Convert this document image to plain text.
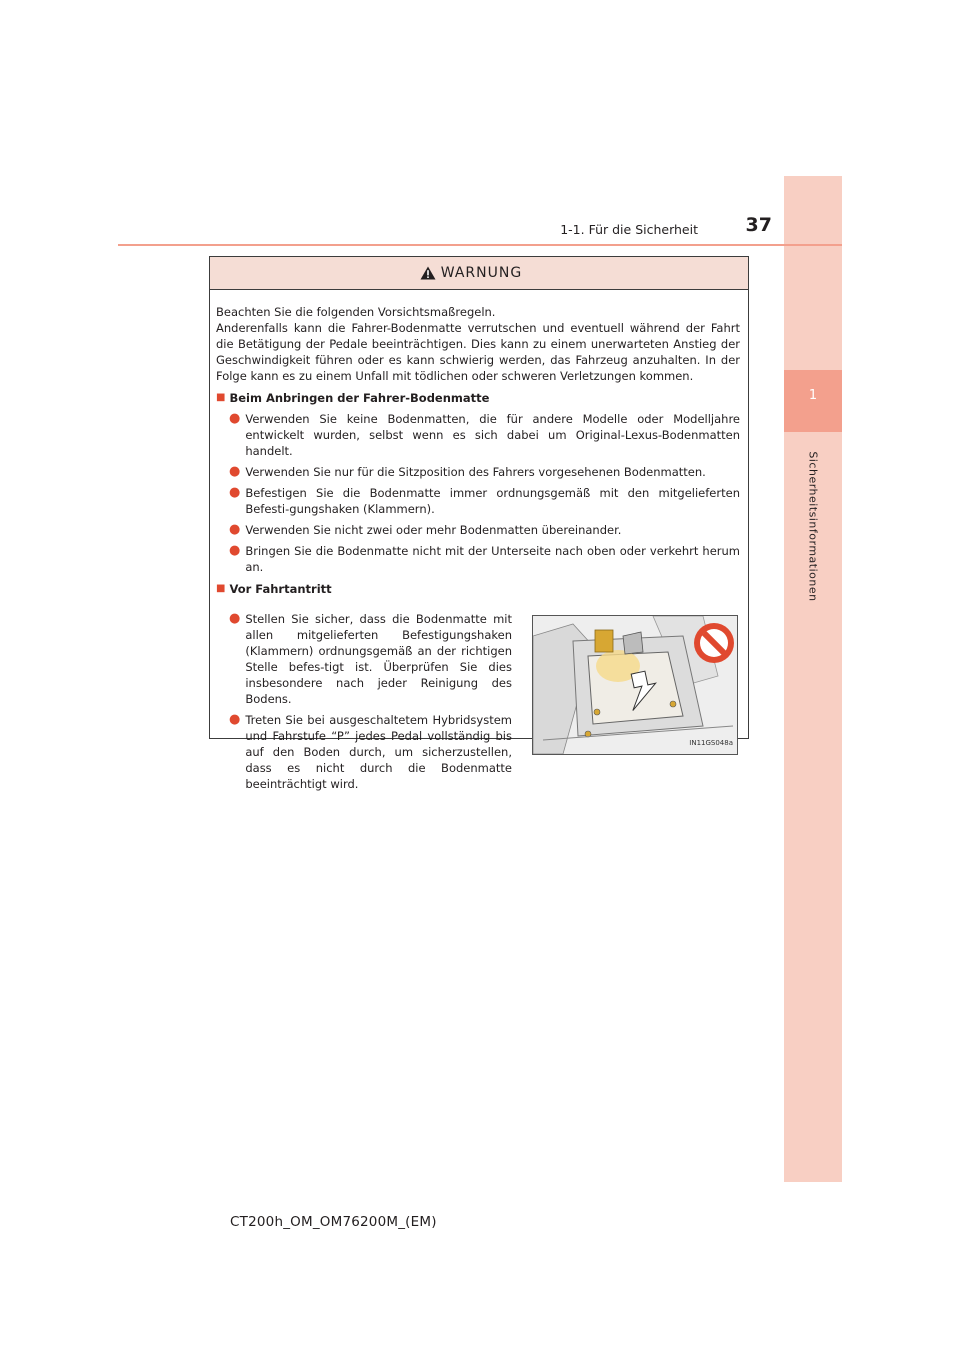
1
Sicherheitsinformationen
1-1. Für die Sicherheit	37
WARNUNG

Beachten Sie die folgenden Vorsichtsmaßregeln.

Anderenfalls kann die Fahrer-Bodenmatte verrutschen und eventuell während der Fahrt die Betätigung der Pedale beeinträchtigen. Dies kann zu einem unerwarteten Anstieg der Geschwindigkeit führen oder es kann schwierig werden, das Fahrzeug anzuhalten. In der Folge kann es zu einem Unfall mit tödlichen oder schweren Verletzungen kommen.

■ Beim Anbringen der Fahrer-Bodenmatte

● Verwenden Sie keine Bodenmatten, die für andere Modelle oder Modelljahre entwickelt wurden, selbst wenn es sich dabei um Original-Lexus-Bodenmatten handelt.
● Verwenden Sie nur für die Sitzposition des Fahrers vorgesehenen Bodenmatten.
● Befestigen Sie die Bodenmatte immer ordnungsgemäß mit den mitgelieferten Befesti-gungshaken (Klammern).
● Verwenden Sie nicht zwei oder mehr Bodenmatten übereinander.
● Bringen Sie die Bodenmatte nicht mit der Unterseite nach oben oder verkehrt herum an.

■ Vor Fahrtantritt

● Stellen Sie sicher, dass die Bodenmatte mit allen mitgelieferten Befestigungshaken (Klammern) ordnungsgemäß an der richtigen Stelle befes-tigt ist. Überprüfen Sie dies insbesondere nach jeder Reinigung des Bodens.
● Treten Sie bei ausgeschaltetem Hybridsystem und Fahrstufe “P” jedes Pedal vollständig bis auf den Boden durch, um sicherzustellen, dass es nicht durch die Bodenmatte beeinträchtigt wird.
IN11GS048a
CT200h_OM_OM76200M_(EM)
